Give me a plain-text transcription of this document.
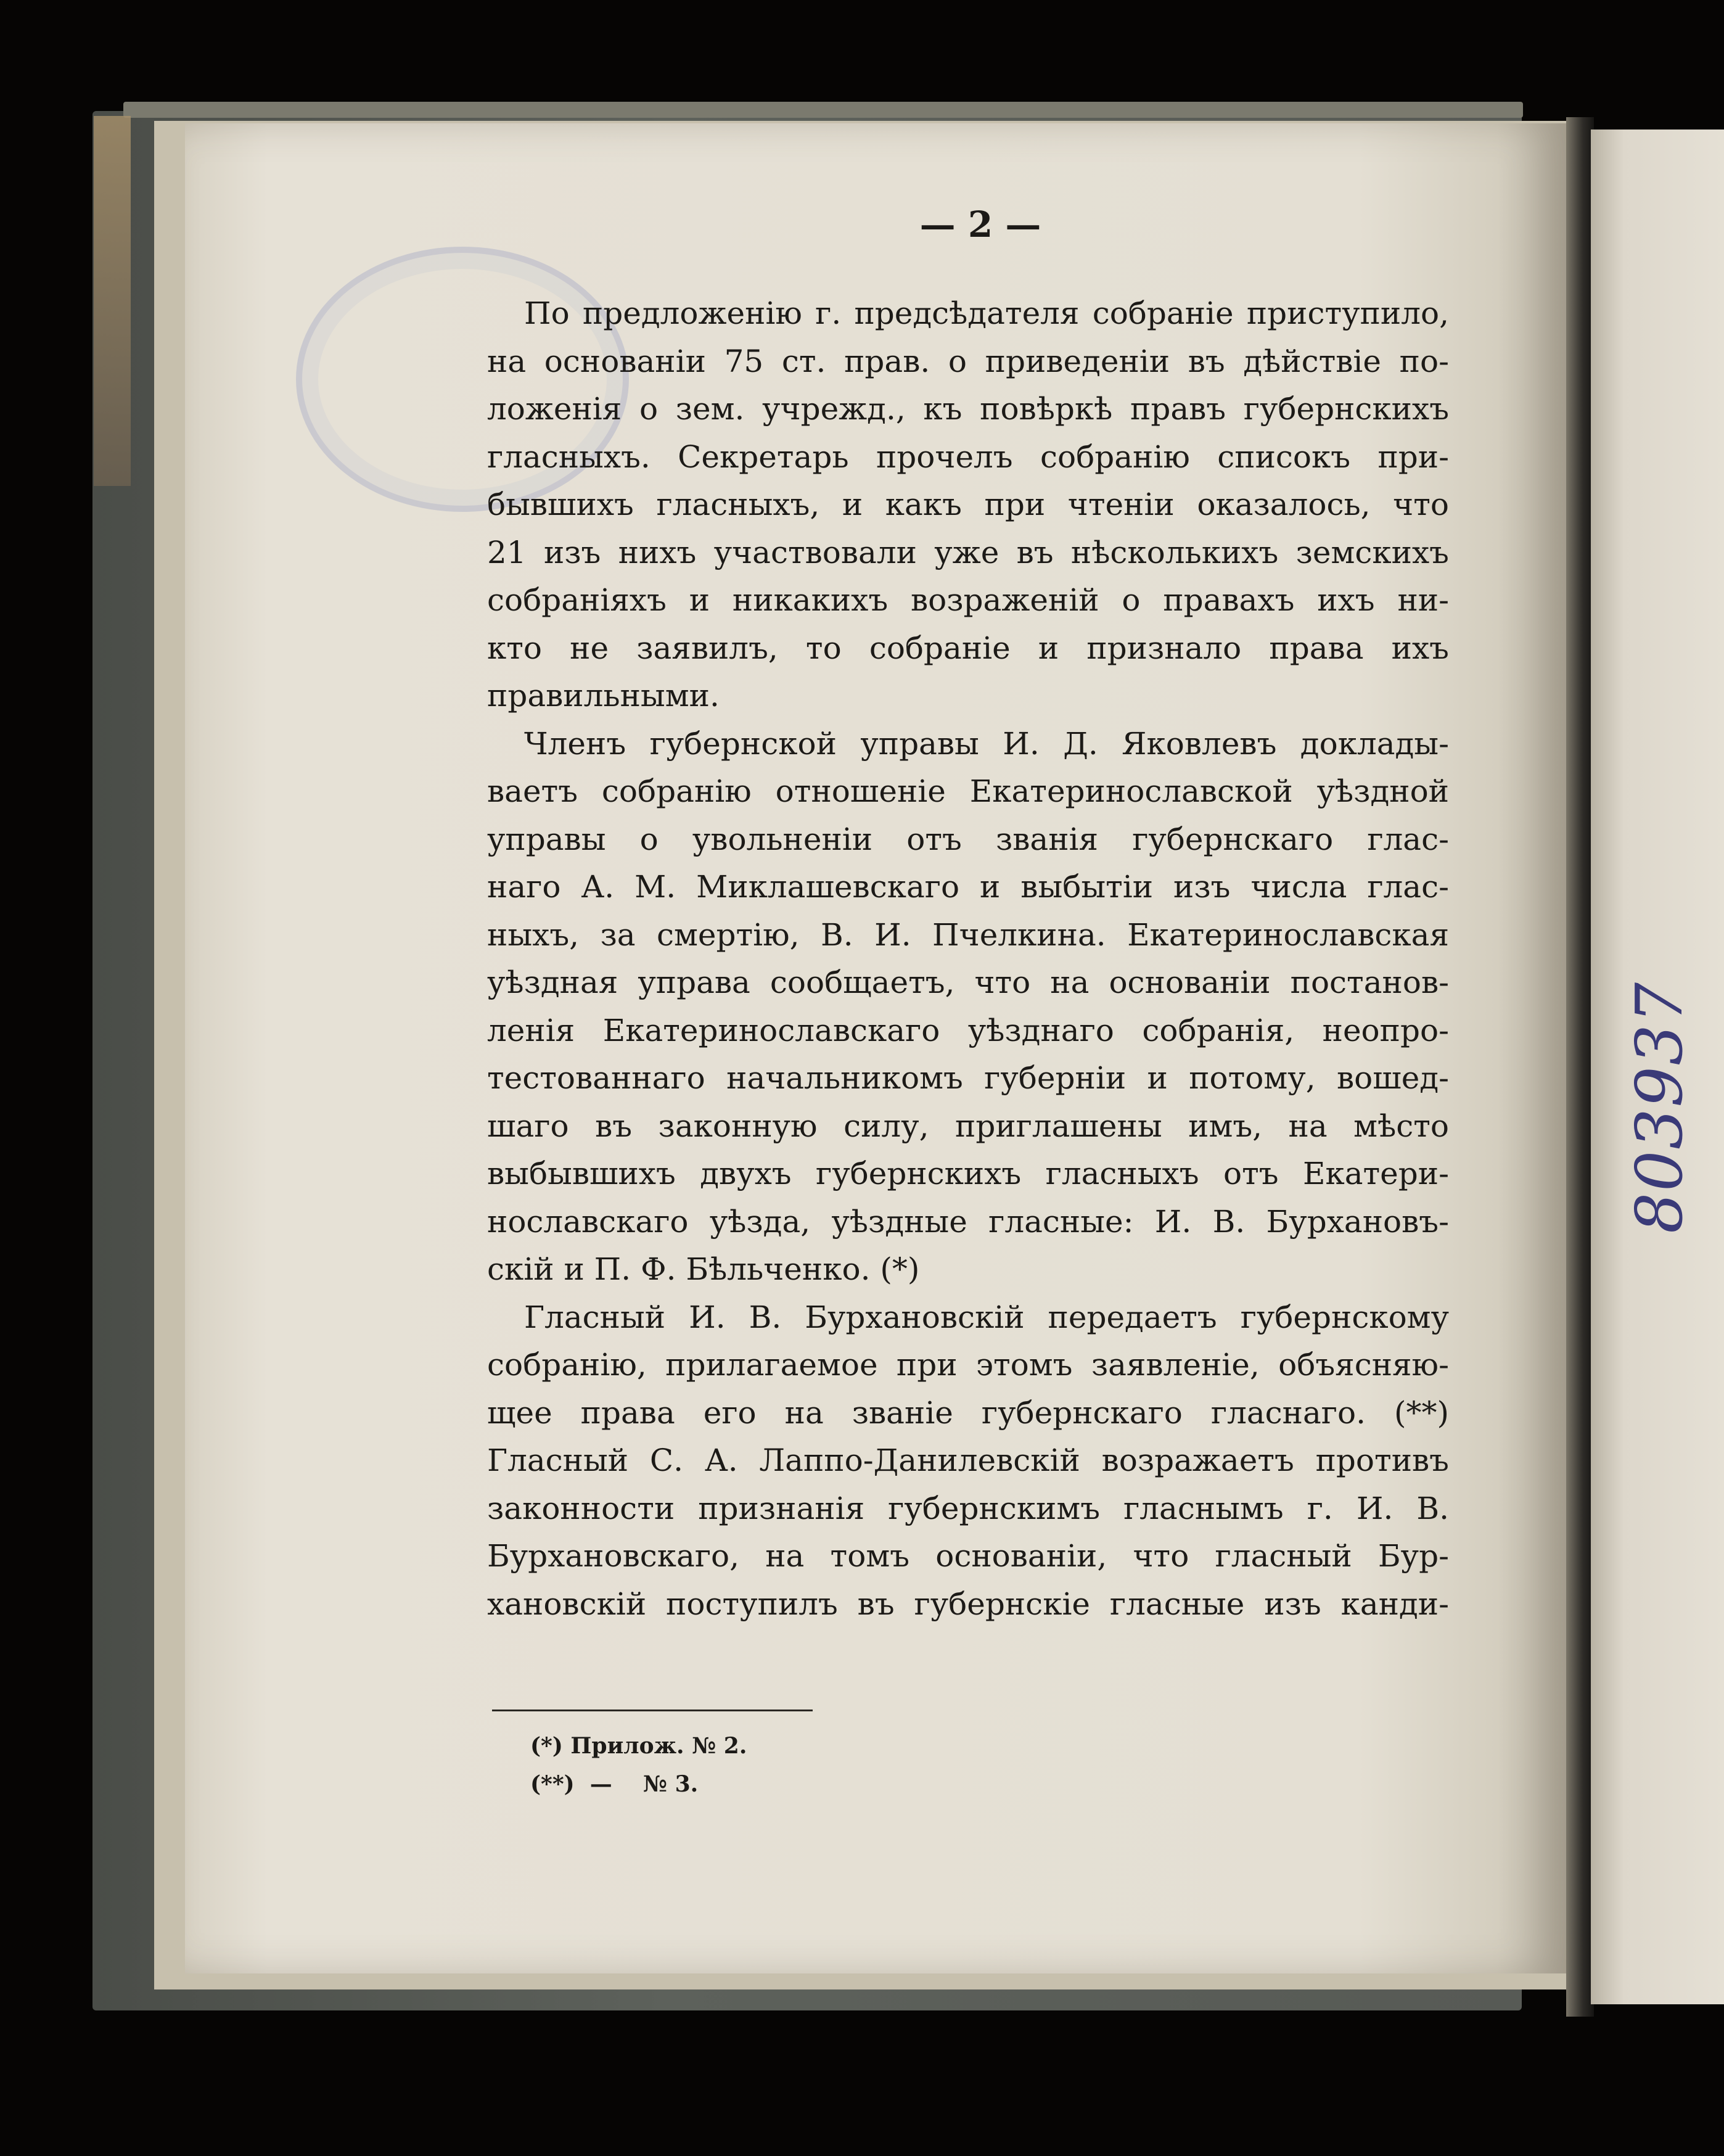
— 2 —

По предложенію г. предсѣдателя собраніе приступило,

на основаніи 75 ст. прав. о приведеніи въ дѣйствіе по-

ложенія о зем. учрежд., къ повѣркѣ правъ губернскихъ

гласныхъ. Секретарь прочелъ собранію списокъ при-

бывшихъ гласныхъ, и какъ при чтеніи оказалось, что

21 изъ нихъ участвовали уже въ нѣсколькихъ земскихъ

собраніяхъ и никакихъ возраженій о правахъ ихъ ни-

кто не заявилъ, то собраніе и признало права ихъ

правильными.

Членъ губернской управы И. Д. Яковлевъ доклады-

ваетъ собранію отношеніе Екатеринославской уѣздной

управы о увольненіи отъ званія губернскаго глас-

наго А. М. Миклашевскаго и выбытіи изъ числа глас-

ныхъ, за смертію, В. И. Пчелкина. Екатеринославская

уѣздная управа сообщаетъ, что на основаніи постанов-

ленія Екатеринославскаго уѣзднаго собранія, неопро-

тестованнаго начальникомъ губерніи и потому, вошед-

шаго въ законную силу, приглашены имъ, на мѣсто

выбывшихъ двухъ губернскихъ гласныхъ отъ Екатери-

нославскаго уѣзда, уѣздные гласные: И. В. Бурхановъ-

скій и П. Ф. Бѣльченко. (*)

Гласный И. В. Бурхановскій передаетъ губернскому

собранію, прилагаемое при этомъ заявленіе, объясняю-

щее права его на званіе губернскаго гласнаго. (**)

Гласный С. А. Лаппо-Данилевскій возражаетъ противъ

законности признанія губернскимъ гласнымъ г. И. В.

Бурхановскаго, на томъ основаніи, что гласный Бур-

хановскій поступилъ въ губернскіе гласные изъ канди-

(*) Прилож. № 2.
(**)  —    № 3.
803937
